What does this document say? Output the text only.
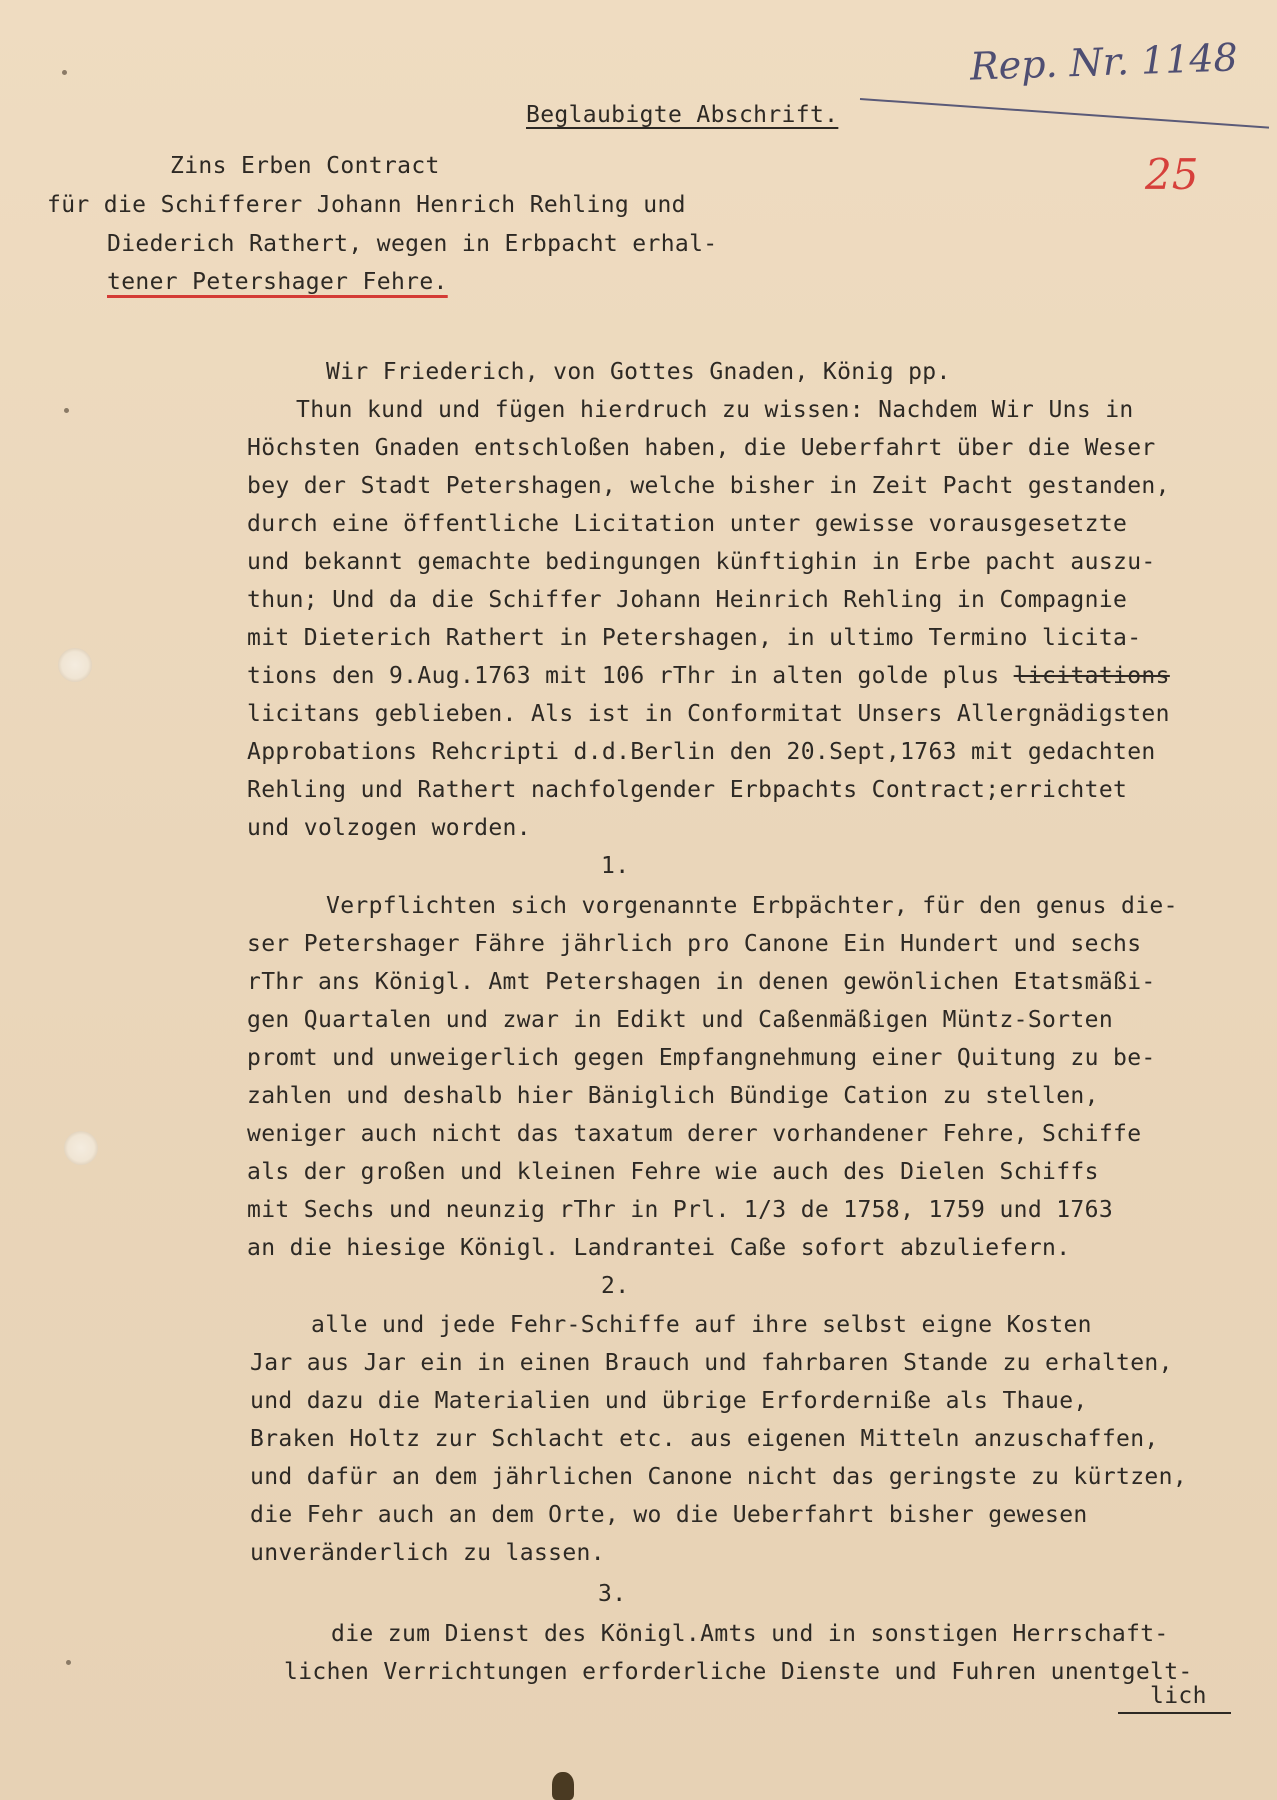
Rep. Nr. 1148
25
Beglaubigte Abschrift.
Zins Erben Contract
für die Schifferer Johann Henrich Rehling und
Diederich Rathert, wegen in Erbpacht erhal-
tener Petershager Fehre.
Wir Friederich, von Gottes Gnaden, König pp.
Thun kund und fügen hierdruch zu wissen: Nachdem Wir Uns in
Höchsten Gnaden entschloßen haben, die Ueberfahrt über die Weser
bey der Stadt Petershagen, welche bisher in Zeit Pacht gestanden,
durch eine öffentliche Licitation unter gewisse vorausgesetzte
und bekannt gemachte bedingungen künftighin in Erbe pacht auszu-
thun; Und da die Schiffer Johann Heinrich Rehling in Compagnie
mit Dieterich Rathert in Petershagen, in ultimo Termino licita-
tions den 9.Aug.1763 mit 106 rThr in alten golde plus licitations
licitans geblieben. Als ist in Conformitat Unsers Allergnädigsten
Approbations Rehcripti d.d.Berlin den 20.Sept,1763 mit gedachten
Rehling und Rathert nachfolgender Erbpachts Contract;errichtet
und volzogen worden.
1.
Verpflichten sich vorgenannte Erbpächter, für den genus die-
ser Petershager Fähre jährlich pro Canone Ein Hundert und sechs
rThr ans Königl. Amt Petershagen in denen gewönlichen Etatsmäßi-
gen Quartalen und zwar in Edikt und Caßenmäßigen Müntz-Sorten
promt und unweigerlich gegen Empfangnehmung einer Quitung zu be-
zahlen und deshalb hier Bäniglich Bündige Cation zu stellen,
weniger auch nicht das taxatum derer vorhandener Fehre, Schiffe
als der großen und kleinen Fehre wie auch des Dielen Schiffs
mit Sechs und neunzig rThr in Prl. 1/3 de 1758, 1759 und 1763
an die hiesige Königl. Landrantei Caße sofort abzuliefern.
2.
alle und jede Fehr-Schiffe auf ihre selbst eigne Kosten
Jar aus Jar ein in einen Brauch und fahrbaren Stande zu erhalten,
und dazu die Materialien und übrige Erforderniße als Thaue,
Braken Holtz zur Schlacht etc. aus eigenen Mitteln anzuschaffen,
und dafür an dem jährlichen Canone nicht das geringste zu kürtzen,
die Fehr auch an dem Orte, wo die Ueberfahrt bisher gewesen
unveränderlich zu lassen.
3.
die zum Dienst des Königl.Amts und in sonstigen Herrschaft-
lichen Verrichtungen erforderliche Dienste und Fuhren unentgelt-
lich
